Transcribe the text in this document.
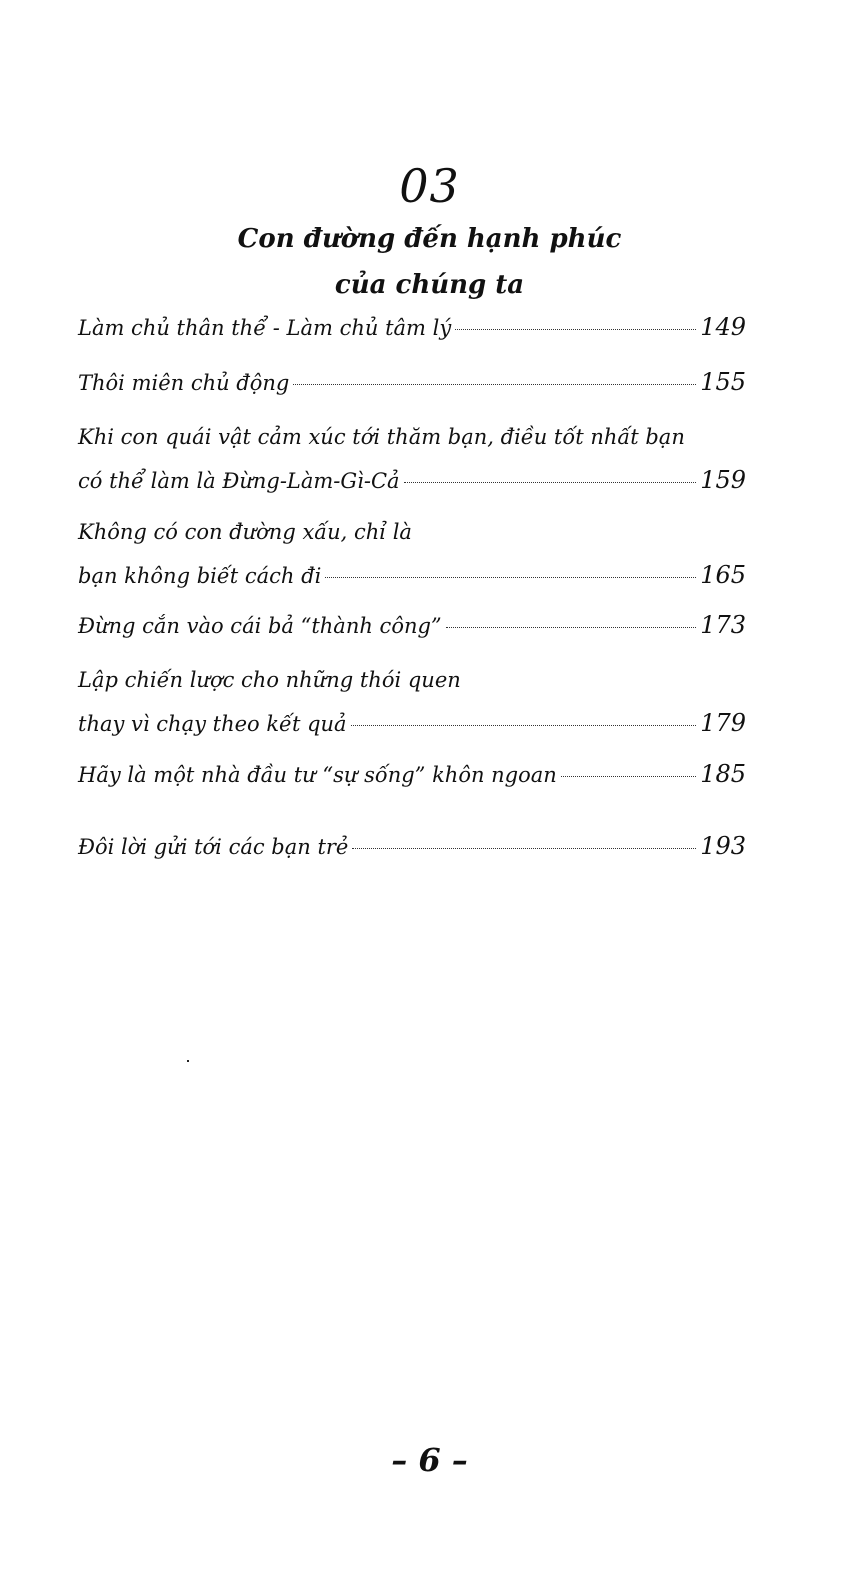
03
Con đường đến hạnh phúc
của chúng ta
Làm chủ thân thể - Làm chủ tâm lý	149
Thôi miên chủ động	155
Khi con quái vật cảm xúc tới thăm bạn, điều tốt nhất bạn
có thể làm là Đừng-Làm-Gì-Cả	159
Không có con đường xấu, chỉ là
bạn không biết cách đi	165
Đừng cắn vào cái bả “thành công”	173
Lập chiến lược cho những thói quen
thay vì chạy theo kết quả	179
Hãy là một nhà đầu tư “sự sống” khôn ngoan	185
Đôi lời gửi tới các bạn trẻ	193
– 6 –
